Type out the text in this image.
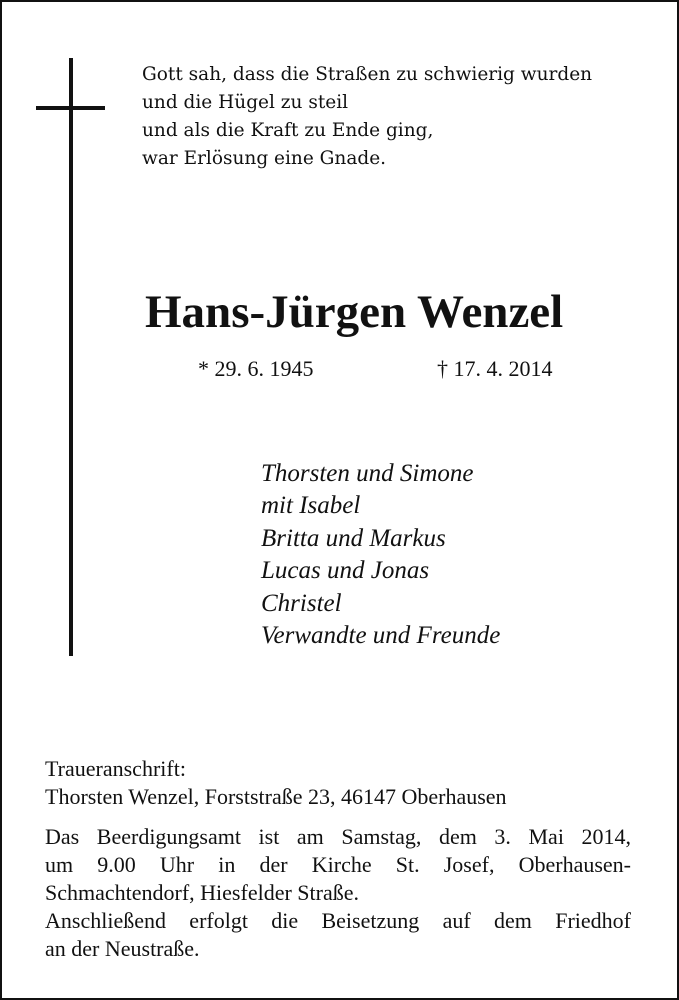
Gott sah, dass die Straßen zu schwierig wurden
und die Hügel zu steil
und als die Kraft zu Ende ging,
war Erlösung eine Gnade.
Hans-Jürgen Wenzel
* 29. 6. 1945	† 17. 4. 2014
Thorsten und Simone
mit Isabel
Britta und Markus
Lucas und Jonas
Christel
Verwandte und Freunde
Traueranschrift:
Thorsten Wenzel, Forststraße 23, 46147 Oberhausen
Das Beerdigungsamt ist am Samstag, dem 3. Mai 2014,
um 9.00 Uhr in der Kirche St. Josef, Oberhausen-
Schmachtendorf, Hiesfelder Straße.
Anschließend erfolgt die Beisetzung auf dem Friedhof
an der Neustraße.
